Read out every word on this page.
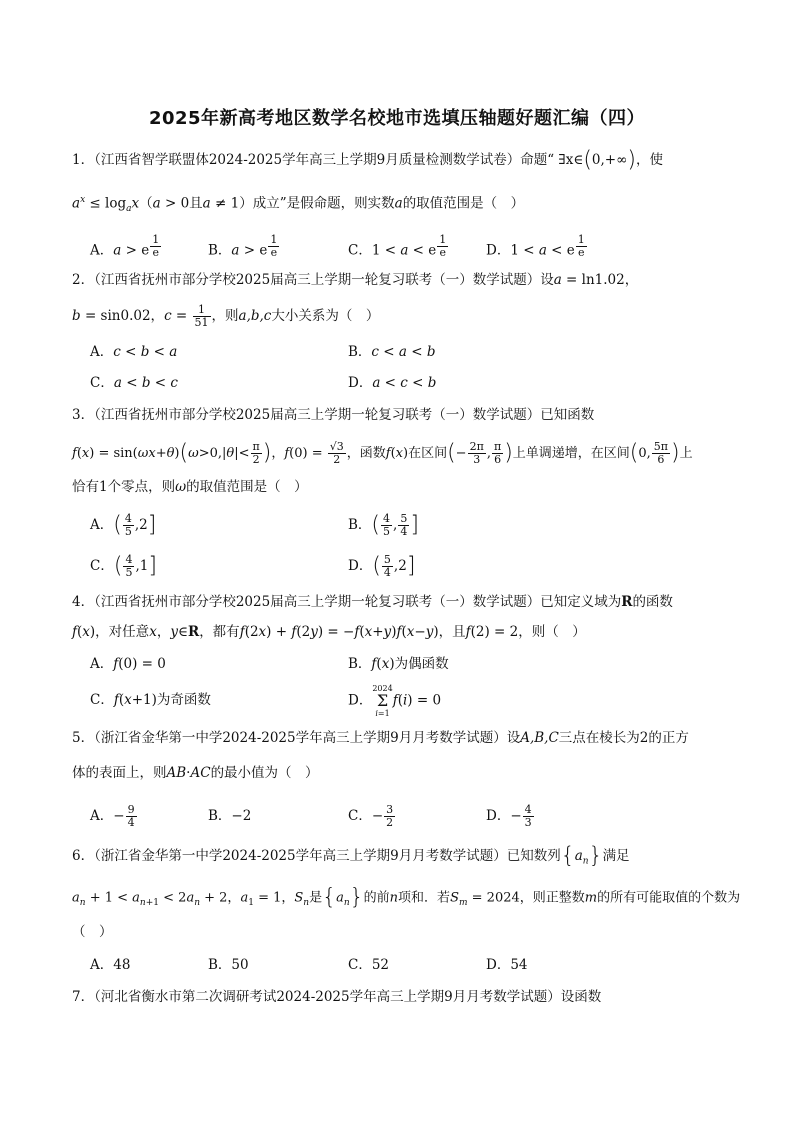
2025年新高考地区数学名校地市选填压轴题好题汇编（四）
1．（江西省智学联盟体2024-2025学年高三上学期9月质量检测数学试卷）命题“ ∃x∈(0,+∞)，使
$a^x \le \log_ax(a > 0$且a ≠ 1）成立”是假命题，则实数a的取值范围是（　）
A．a > e $^{\frac{1}{e}}$	B．a > e $^{\frac{1}{e}}$	C．1 < a < e $^{\frac{1}{e}}$	D．1 < a < e $^{\frac{1}{e}}$
2．（江西省抚州市部分学校2025届高三上学期一轮复习联考（一）数学试题）设a = ln1.02，
b = sin0.02，$c = \frac{1}{51}$ ，则a,b,c大小关系为（　）
A．c < b < a	B．c < a < b
C．a < b < c	D．a < c < b
3．（江西省抚州市部分学校2025届高三上学期一轮复习联考（一）数学试题）已知函数
$f(x) = \sin(\omega x+\theta)(\omega>0,|\theta|< \frac{\pi}{2}$ )，$f(0) = \frac{√3}{2}$ ，函数f(x)在区间(− $\frac{2\pi}{3}$ , $\frac{\pi}{6}$ )上单调递增，在区间(0, $\frac{5\pi}{6}$ )上
恰有1个零点，则ω的取值范围是（　）
A．( $\frac{4}{5} ,2$]	B．( $\frac{4}{5}$ , $\frac{5}{4}$ ]
C．( $\frac{4}{5} ,1$]	D．( $\frac{5}{4} ,2$]
4．（江西省抚州市部分学校2025届高三上学期一轮复习联考（一）数学试题）已知定义域为R的函数
f(x)，对任意x，y∈R，都有f(2x) + f(2y) = −f(x+y)f(x−y)，且f(2) = 2，则（　）
A．f(0) = 0	B．f(x)为偶函数
C．f(x+1)为奇函数	D．2024
Σ
i=1f(i) = 0
5．（浙江省金华第一中学2024-2025学年高三上学期9月月考数学试题）设A,B,C三点在棱长为2的正方
体的表面上，则AB·AC的最小值为（　）
A．− $\frac{9}{4}$	B．−2	C．− $\frac{3}{2}$	D．− $\frac{4}{3}$
6．（浙江省金华第一中学2024-2025学年高三上学期9月月考数学试题）已知数列$\{a_n\}$满足
$a_n + 1 < a_{n+1} < 2a_n + 2$，$a_1 = 1$，$S_n$是$\{a_n\}$的前n项和．若$S_m = 2024$，则正整数m的所有可能取值的个数为
（　）
A．48	B．50	C．52	D．54
7．（河北省衡水市第二次调研考试2024-2025学年高三上学期9月月考数学试题）设函数
